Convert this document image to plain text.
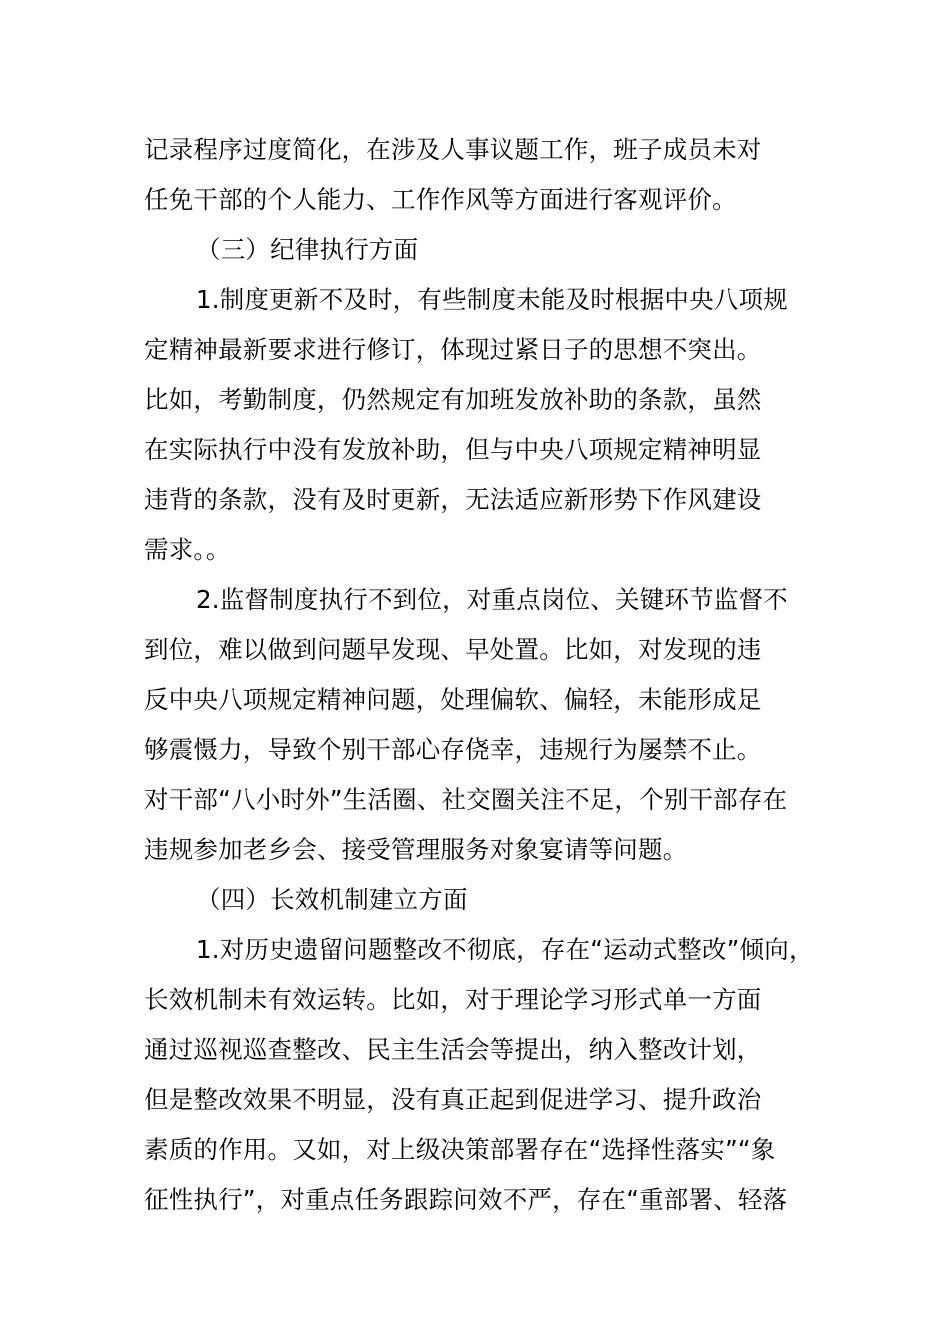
记录程序过度简化，在涉及人事议题工作，班子成员未对
任免干部的个人能力、工作作风等方面进行客观评价。
（三）纪律执行方面
1.制度更新不及时，有些制度未能及时根据中央八项规
定精神最新要求进行修订，体现过紧日子的思想不突出。
比如，考勤制度，仍然规定有加班发放补助的条款，虽然
在实际执行中没有发放补助，但与中央八项规定精神明显
违背的条款，没有及时更新，无法适应新形势下作风建设
需求。。
2.监督制度执行不到位，对重点岗位、关键环节监督不
到位，难以做到问题早发现、早处置。比如，对发现的违
反中央八项规定精神问题，处理偏软、偏轻，未能形成足
够震慑力，导致个别干部心存侥幸，违规行为屡禁不止。
对干部“八小时外”生活圈、社交圈关注不足，个别干部存在
违规参加老乡会、接受管理服务对象宴请等问题。
（四）长效机制建立方面
1.对历史遗留问题整改不彻底，存在“运动式整改”倾向，
长效机制未有效运转。比如，对于理论学习形式单一方面
通过巡视巡查整改、民主生活会等提出，纳入整改计划，
但是整改效果不明显，没有真正起到促进学习、提升政治
素质的作用。又如，对上级决策部署存在“选择性落实”“象
征性执行”，对重点任务跟踪问效不严，存在“重部署、轻落
